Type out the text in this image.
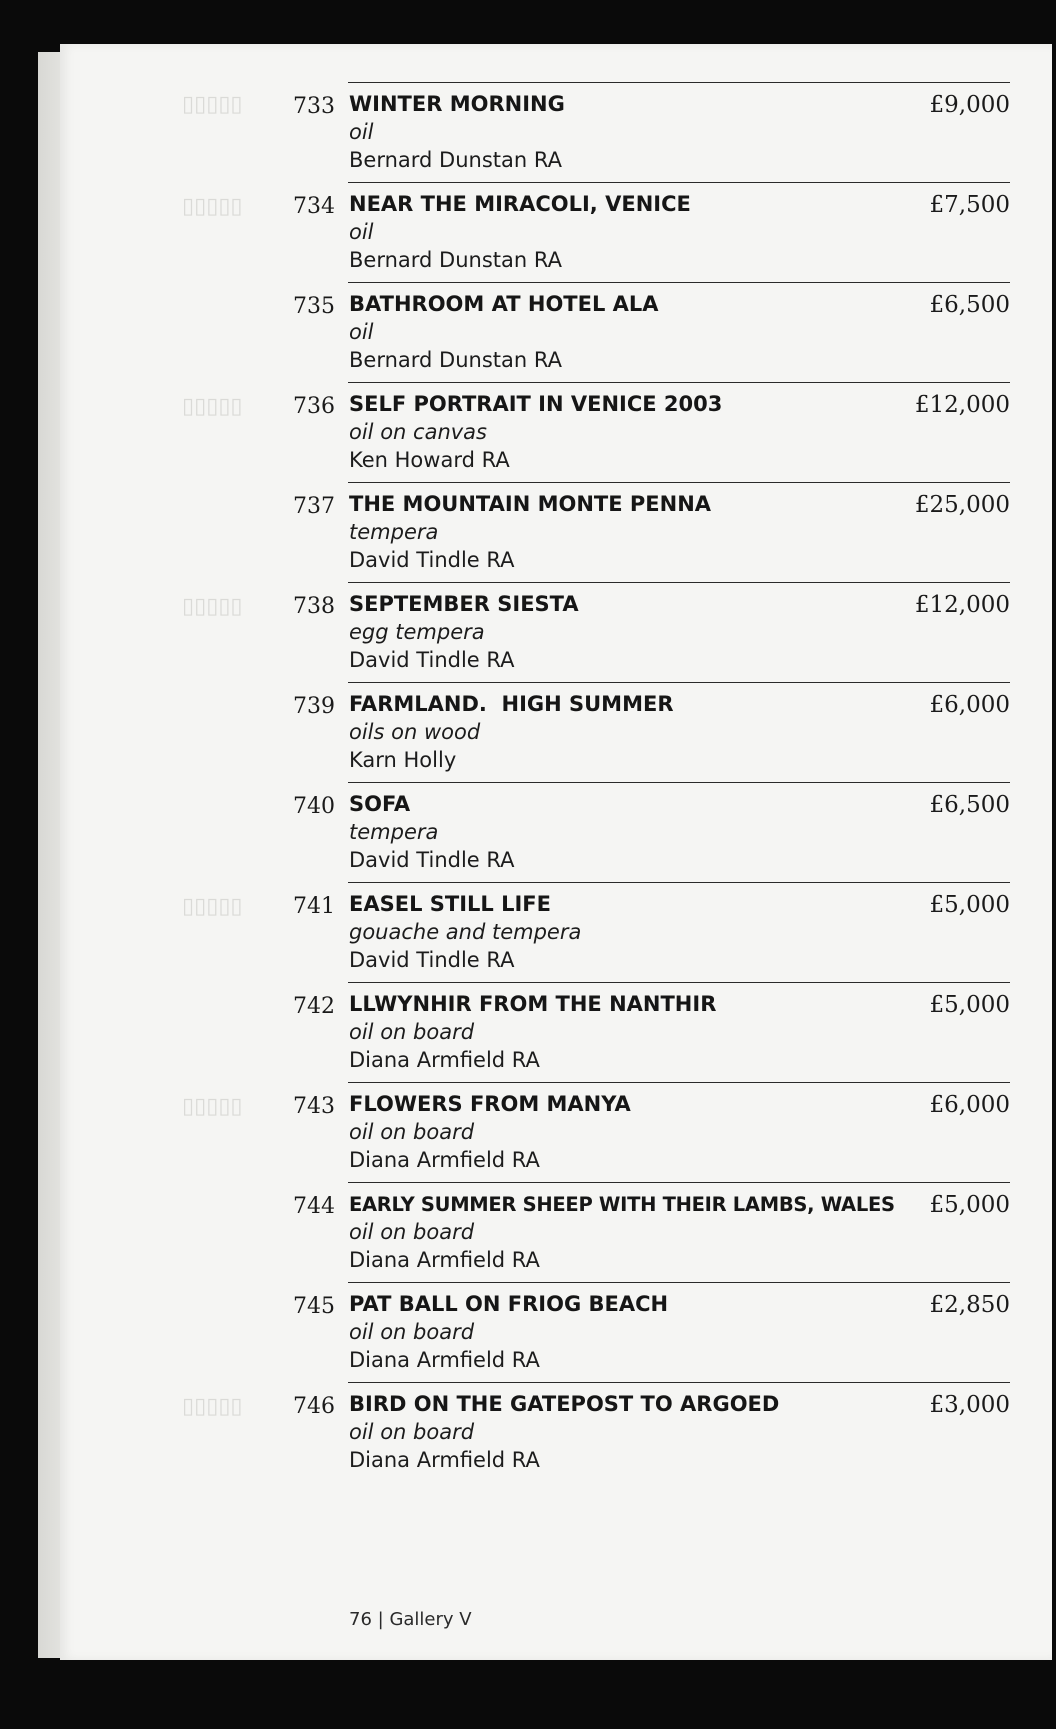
▯▯▯▯▯
▯▯▯▯▯
▯▯▯▯▯
▯▯▯▯▯
▯▯▯▯▯
▯▯▯▯▯
▯▯▯▯▯
733 WINTER MORNING
oil
Bernard Dunstan RA
£9,000
734 NEAR THE MIRACOLI, VENICE
oil
Bernard Dunstan RA
£7,500
735 BATHROOM AT HOTEL ALA
oil
Bernard Dunstan RA
£6,500
736 SELF PORTRAIT IN VENICE 2003
oil on canvas
Ken Howard RA
£12,000
737 THE MOUNTAIN MONTE PENNA
tempera
David Tindle RA
£25,000
738 SEPTEMBER SIESTA
egg tempera
David Tindle RA
£12,000
739 FARMLAND.  HIGH SUMMER
oils on wood
Karn Holly
£6,000
740 SOFA
tempera
David Tindle RA
£6,500
741 EASEL STILL LIFE
gouache and tempera
David Tindle RA
£5,000
742 LLWYNHIR FROM THE NANTHIR
oil on board
Diana Armfield RA
£5,000
743 FLOWERS FROM MANYA
oil on board
Diana Armfield RA
£6,000
744 EARLY SUMMER SHEEP WITH THEIR LAMBS, WALES
oil on board
Diana Armfield RA
£5,000
745 PAT BALL ON FRIOG BEACH
oil on board
Diana Armfield RA
£2,850
746 BIRD ON THE GATEPOST TO ARGOED
oil on board
Diana Armfield RA
£3,000
76 | Gallery V
